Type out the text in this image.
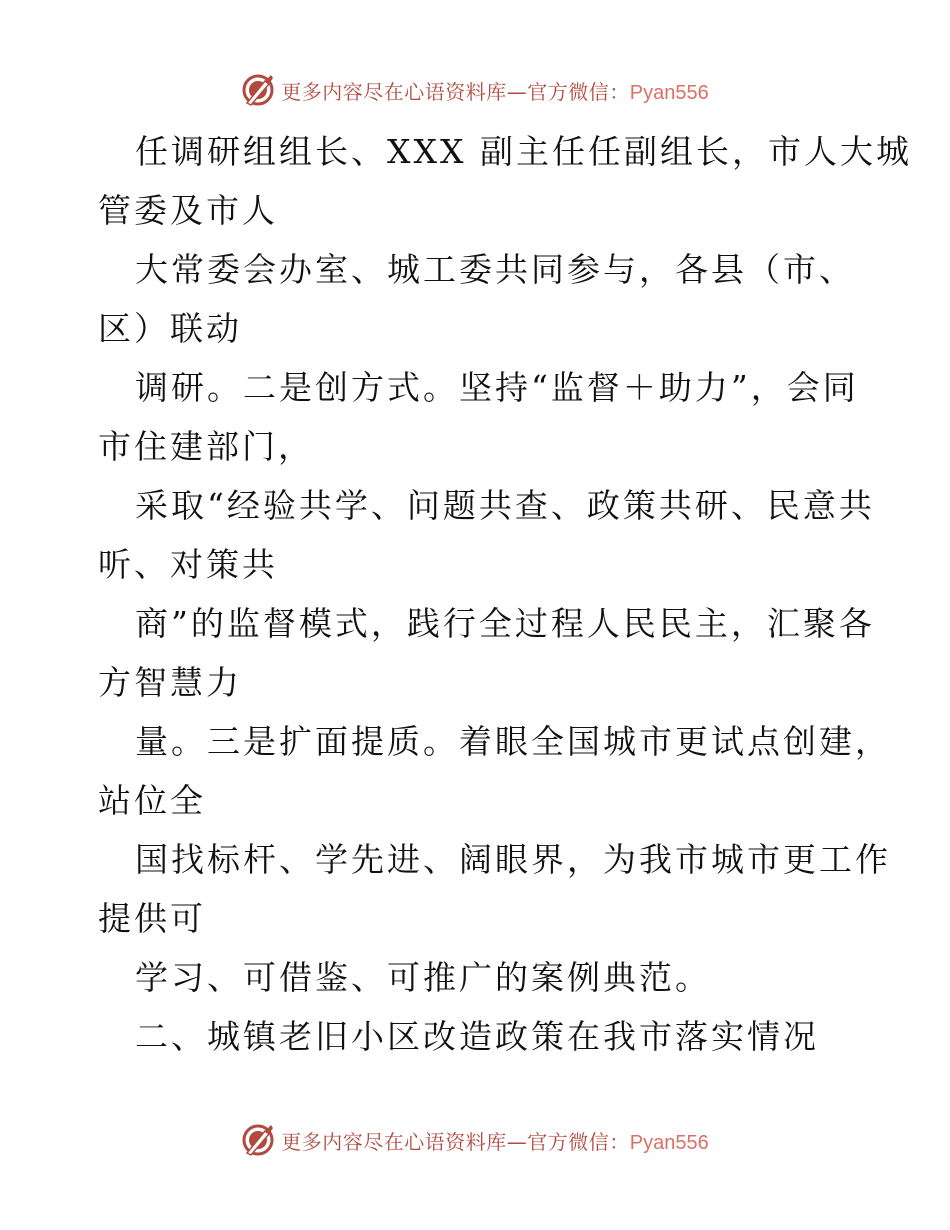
更多内容尽在心语资料库—官方微信：Pyan556
任调研组组长、XXX 副主任任副组长，市人大城
管委及市人
大常委会办室、城工委共同参与，各县（市、
区）联动
调研。二是创方式。坚持“监督＋助力”，会同
市住建部门，
采取“经验共学、问题共查、政策共研、民意共
听、对策共
商”的监督模式，践行全过程人民民主，汇聚各
方智慧力
量。三是扩面提质。着眼全国城市更试点创建，
站位全
国找标杆、学先进、阔眼界，为我市城市更工作
提供可
学习、可借鉴、可推广的案例典范。
二、城镇老旧小区改造政策在我市落实情况
更多内容尽在心语资料库—官方微信：Pyan556
